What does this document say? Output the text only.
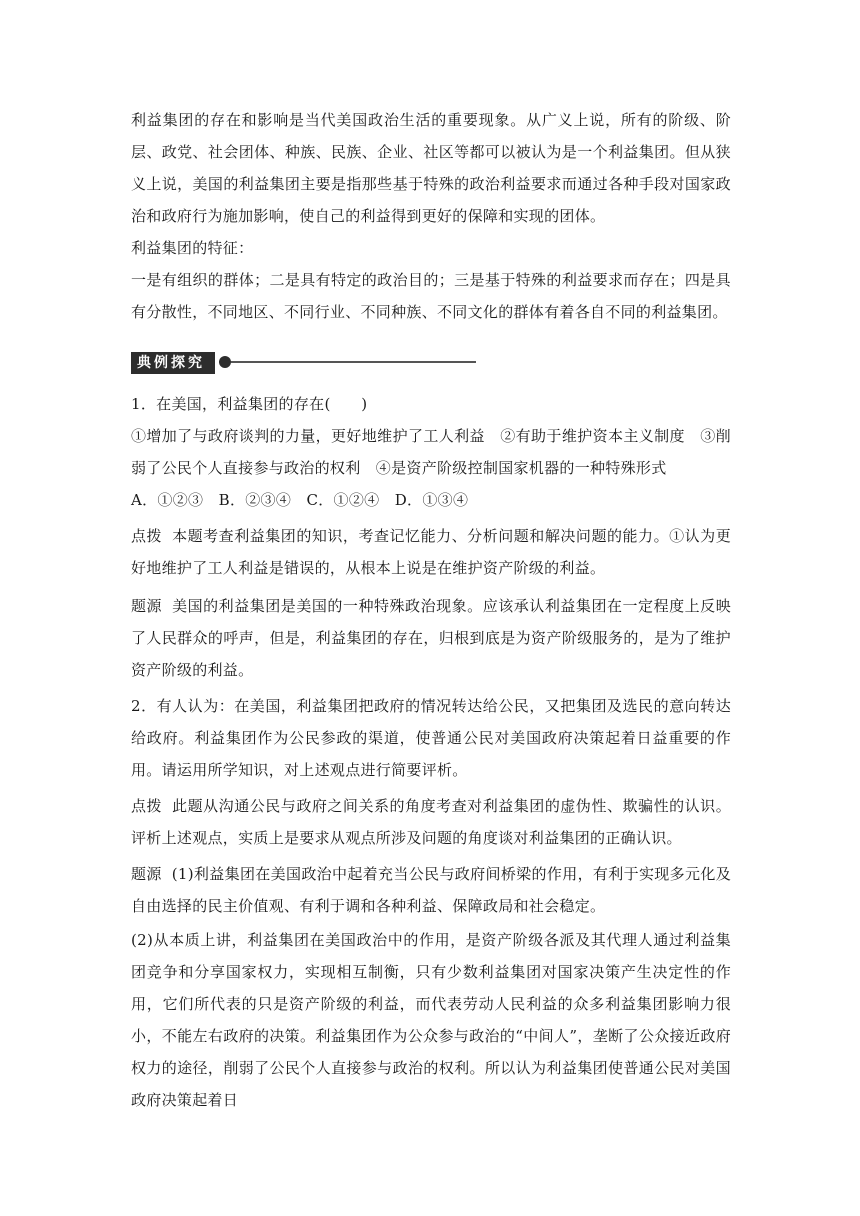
利益集团的存在和影响是当代美国政治生活的重要现象。从广义上说，所有的阶级、阶层、政党、社会团体、种族、民族、企业、社区等都可以被认为是一个利益集团。但从狭义上说，美国的利益集团主要是指那些基于特殊的政治利益要求而通过各种手段对国家政治和政府行为施加影响，使自己的利益得到更好的保障和实现的团体。
利益集团的特征：
一是有组织的群体；二是具有特定的政治目的；三是基于特殊的利益要求而存在；四是具有分散性，不同地区、不同行业、不同种族、不同文化的群体有着各自不同的利益集团。
典例探究
1．在美国，利益集团的存在(　　)
①增加了与政府谈判的力量，更好地维护了工人利益　②有助于维护资本主义制度　③削弱了公民个人直接参与政治的权利　④是资产阶级控制国家机器的一种特殊形式
A．①②③　B．②③④　C．①②④　D．①③④
点拨 本题考查利益集团的知识，考查记忆能力、分析问题和解决问题的能力。①认为更好地维护了工人利益是错误的，从根本上说是在维护资产阶级的利益。
题源 美国的利益集团是美国的一种特殊政治现象。应该承认利益集团在一定程度上反映了人民群众的呼声，但是，利益集团的存在，归根到底是为资产阶级服务的，是为了维护资产阶级的利益。
2．有人认为：在美国，利益集团把政府的情况转达给公民，又把集团及选民的意向转达给政府。利益集团作为公民参政的渠道，使普通公民对美国政府决策起着日益重要的作用。请运用所学知识，对上述观点进行简要评析。
点拨 此题从沟通公民与政府之间关系的角度考查对利益集团的虚伪性、欺骗性的认识。评析上述观点，实质上是要求从观点所涉及问题的角度谈对利益集团的正确认识。
题源 (1)利益集团在美国政治中起着充当公民与政府间桥梁的作用，有利于实现多元化及自由选择的民主价值观、有利于调和各种利益、保障政局和社会稳定。
(2)从本质上讲，利益集团在美国政治中的作用，是资产阶级各派及其代理人通过利益集团竞争和分享国家权力，实现相互制衡，只有少数利益集团对国家决策产生决定性的作用，它们所代表的只是资产阶级的利益，而代表劳动人民利益的众多利益集团影响力很小，不能左右政府的决策。利益集团作为公众参与政治的“中间人”，垄断了公众接近政府权力的途径，削弱了公民个人直接参与政治的权利。所以认为利益集团使普通公民对美国政府决策起着日
